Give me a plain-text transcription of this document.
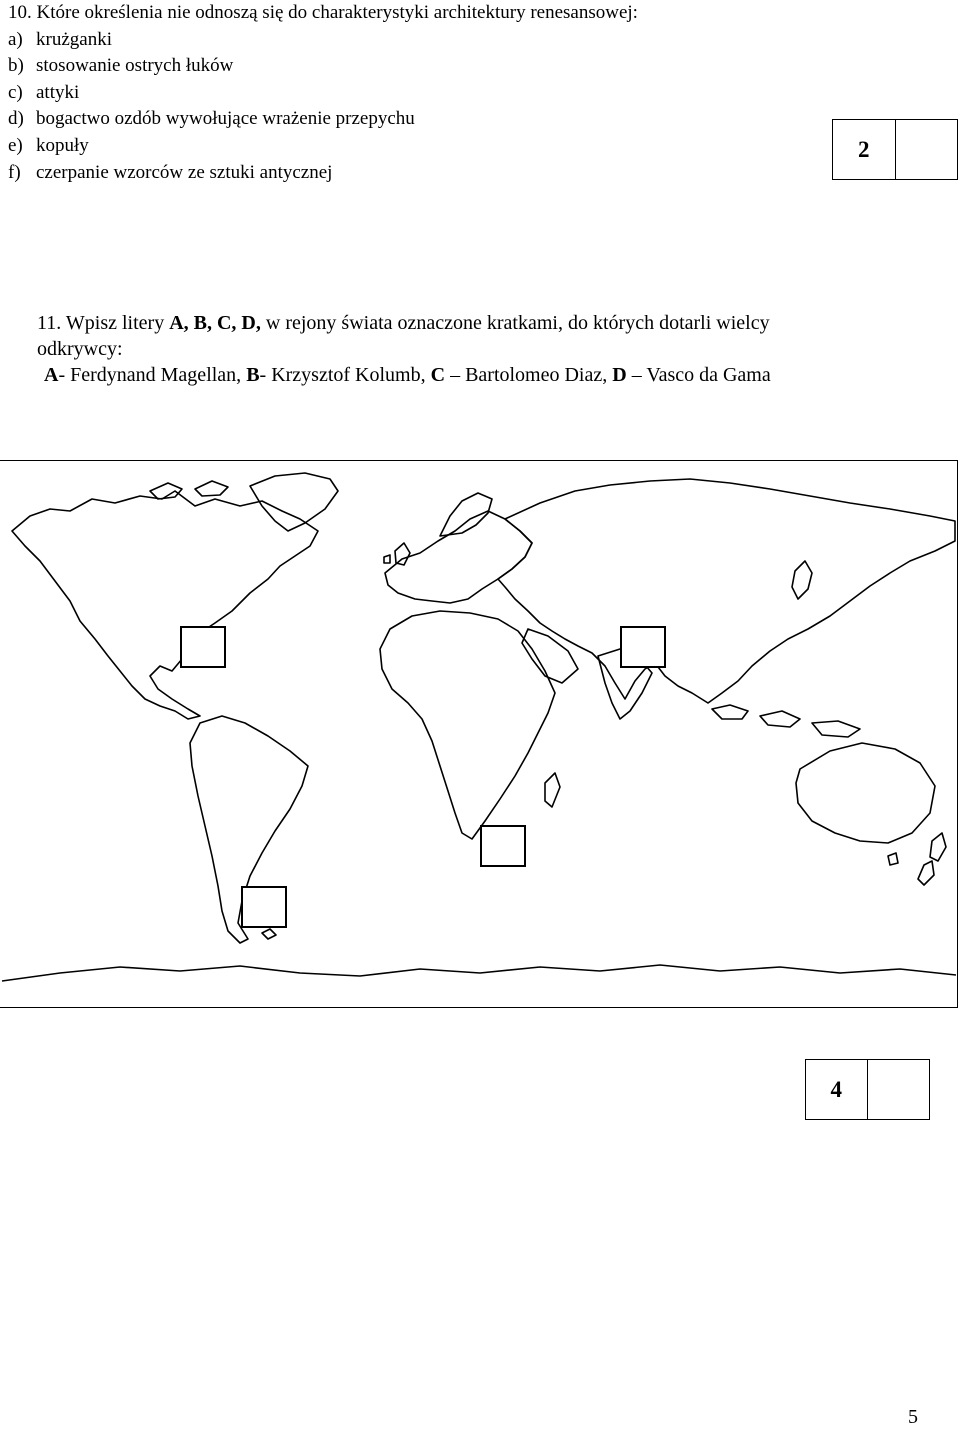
10. Które określenia nie odnoszą się do charakterystyki architektury renesansowej:
a) krużganki
b) stosowanie ostrych łuków
c) attyki
d) bogactwo ozdób wywołujące wrażenie przepychu
e) kopuły
f) czerpanie wzorców ze sztuki antycznej
2
11. Wpisz litery A, B, C, D, w rejony świata oznaczone kratkami, do których dotarli wielcy
odkrywcy:
A- Ferdynand Magellan, B- Krzysztof Kolumb, C – Bartolomeo Diaz, D – Vasco da Gama
4
5
